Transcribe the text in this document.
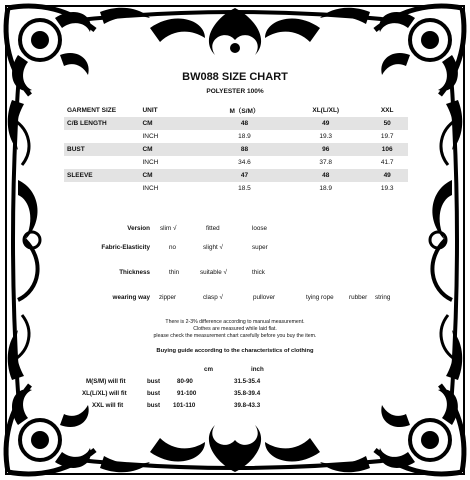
BW088 SIZE CHART
POLYESTER 100%
GARMENT SIZE	UNIT	M（S/M）	XL(L/XL)	XXL
C/B LENGTH	CM	48	49	50
	INCH	18.9	19.3	19.7
BUST	CM	88	96	106
	INCH	34.6	37.8	41.7
SLEEVE	CM	47	48	49
	INCH	18.5	18.9	19.3
Version slim √	fitted	loose
Fabric-Elasticity	no	slight √	super
Thickness	thin	suitable √	thick
wearing way zipper	clasp √	pullover	tying rope rubber string
There is 2-3% difference according to manual measurement.
Clothes are measured while laid flat.
please check the measurement chart carefully before you buy the item.
Buying guide according to the characteristics of clothing
cm	inch
M(S/M) will fit	bust	80-90	31.5-35.4
XL(L/XL) will fit	bust	91-100	35.8-39.4
XXL will fit	bust 101-110	39.8-43.3
